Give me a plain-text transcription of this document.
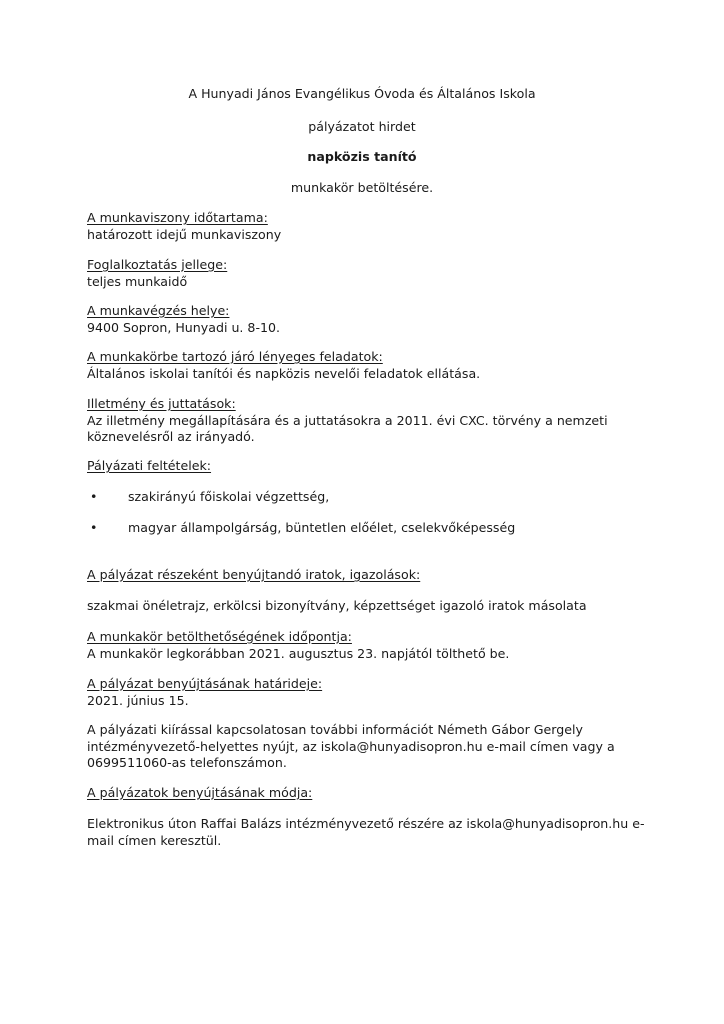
A Hunyadi János Evangélikus Óvoda és Általános Iskola
pályázatot hirdet
napközis tanító
munkakör betöltésére.
A munkaviszony időtartama:
határozott idejű munkaviszony
Foglalkoztatás jellege:
teljes munkaidő
A munkavégzés helye:
9400 Sopron, Hunyadi u. 8-10.
A munkakörbe tartozó járó lényeges feladatok:
Általános iskolai tanítói és napközis nevelői feladatok ellátása.
Illetmény és juttatások:
Az illetmény megállapítására és a juttatásokra a 2011. évi CXC. törvény a nemzeti
köznevelésről az irányadó.
Pályázati feltételek:
• szakirányú főiskolai végzettség,
• magyar állampolgárság, büntetlen előélet, cselekvőképesség
A pályázat részeként benyújtandó iratok, igazolások:
szakmai önéletrajz, erkölcsi bizonyítvány, képzettséget igazoló iratok másolata
A munkakör betölthetőségének időpontja:
A munkakör legkorábban 2021. augusztus 23. napjától tölthető be.
A pályázat benyújtásának határideje:
2021. június 15.
A pályázati kiírással kapcsolatosan további információt Németh Gábor Gergely
intézményvezető-helyettes nyújt, az iskola@hunyadisopron.hu e-mail címen vagy a
0699511060-as telefonszámon.
A pályázatok benyújtásának módja:
Elektronikus úton Raffai Balázs intézményvezető részére az iskola@hunyadisopron.hu e-
mail címen keresztül.
